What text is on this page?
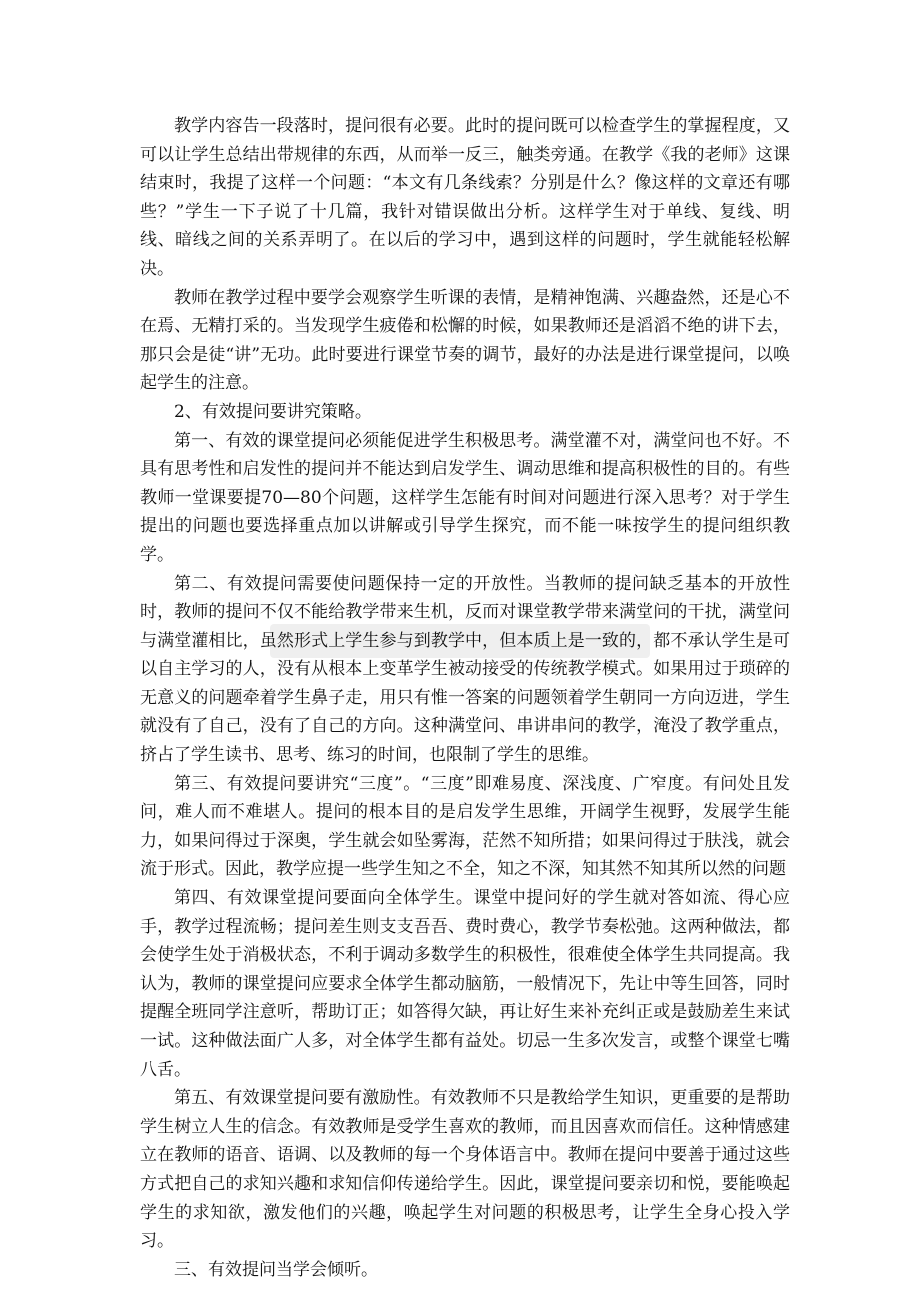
教学内容告一段落时，提问很有必要。此时的提问既可以检查学生的掌握程度，又可以让学生总结出带规律的东西，从而举一反三，触类旁通。在教学《我的老师》这课结束时，我提了这样一个问题：“本文有几条线索？分别是什么？像这样的文章还有哪些？”学生一下子说了十几篇，我针对错误做出分析。这样学生对于单线、复线、明线、暗线之间的关系弄明了。在以后的学习中，遇到这样的问题时，学生就能轻松解决。

教师在教学过程中要学会观察学生听课的表情，是精神饱满、兴趣盎然，还是心不在焉、无精打采的。当发现学生疲倦和松懈的时候，如果教师还是滔滔不绝的讲下去，那只会是徒“讲”无功。此时要进行课堂节奏的调节，最好的办法是进行课堂提问，以唤起学生的注意。

2、有效提问要讲究策略。

第一、有效的课堂提问必须能促进学生积极思考。满堂灌不对，满堂问也不好。不具有思考性和启发性的提问并不能达到启发学生、调动思维和提高积极性的目的。有些教师一堂课要提70—80个问题，这样学生怎能有时间对问题进行深入思考？对于学生提出的问题也要选择重点加以讲解或引导学生探究，而不能一味按学生的提问组织教学。

第二、有效提问需要使问题保持一定的开放性。当教师的提问缺乏基本的开放性时，教师的提问不仅不能给教学带来生机，反而对课堂教学带来满堂问的干扰，满堂问与满堂灌相比，虽然形式上学生参与到教学中，但本质上是一致的，都不承认学生是可以自主学习的人，没有从根本上变革学生被动接受的传统教学模式。如果用过于琐碎的无意义的问题牵着学生鼻子走，用只有惟一答案的问题领着学生朝同一方向迈进，学生就没有了自己，没有了自己的方向。这种满堂问、串讲串问的教学，淹没了教学重点，挤占了学生读书、思考、练习的时间，也限制了学生的思维。

第三、有效提问要讲究“三度”。“三度”即难易度、深浅度、广窄度。有问处且发问，难人而不难堪人。提问的根本目的是启发学生思维，开阔学生视野，发展学生能力，如果问得过于深奥，学生就会如坠雾海，茫然不知所措；如果问得过于肤浅，就会流于形式。因此，教学应提一些学生知之不全，知之不深，知其然不知其所以然的问题

第四、有效课堂提问要面向全体学生。课堂中提问好的学生就对答如流、得心应手，教学过程流畅；提问差生则支支吾吾、费时费心，教学节奏松弛。这两种做法，都会使学生处于消极状态，不利于调动多数学生的积极性，很难使全体学生共同提高。我认为，教师的课堂提问应要求全体学生都动脑筋，一般情况下，先让中等生回答，同时提醒全班同学注意听，帮助订正；如答得欠缺，再让好生来补充纠正或是鼓励差生来试一试。这种做法面广人多，对全体学生都有益处。切忌一生多次发言，或整个课堂七嘴八舌。

第五、有效课堂提问要有激励性。有效教师不只是教给学生知识，更重要的是帮助学生树立人生的信念。有效教师是受学生喜欢的教师，而且因喜欢而信任。这种情感建立在教师的语音、语调、以及教师的每一个身体语言中。教师在提问中要善于通过这些方式把自己的求知兴趣和求知信仰传递给学生。因此，课堂提问要亲切和悦，要能唤起学生的求知欲，激发他们的兴趣，唤起学生对问题的积极思考，让学生全身心投入学习。

三、有效提问当学会倾听。
